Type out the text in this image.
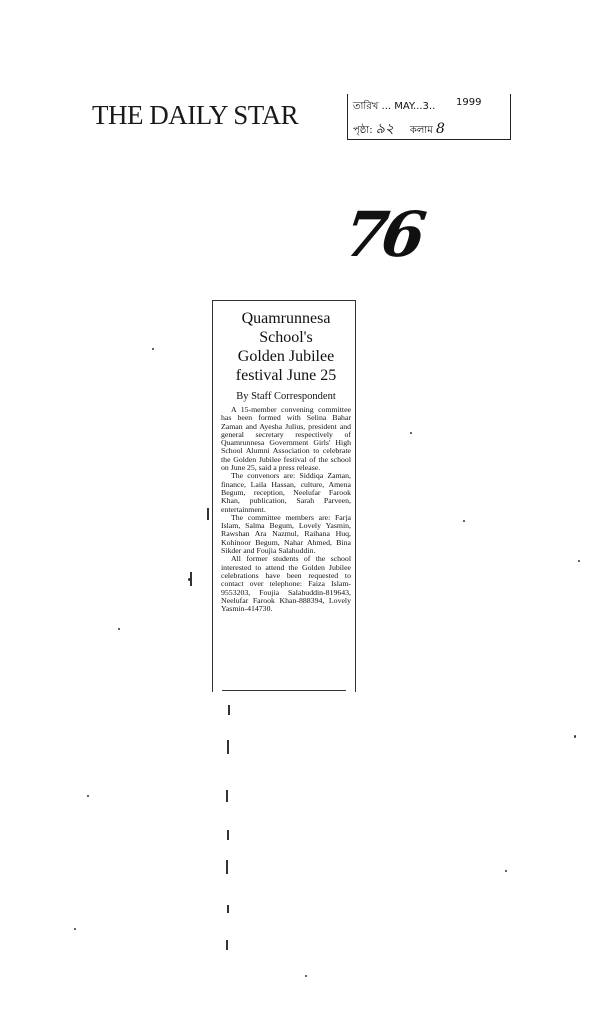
THE DAILY STAR	তারিখ ... MAY...3.. 1999
পৃষ্ঠা: ৯২ কলাম 8
76
Quamrunnesa
School's
Golden Jubilee
festival June 25
By Staff Correspondent

A 15-member convening committee has been formed with Selina Bahar Zaman and Ayesha Julius, president and general secretary respectively of Quamrunnesa Government Girls' High School Alumni Association to celebrate the Golden Jubilee festival of the school on June 25, said a press release.

The convenors are: Siddiqa Zaman, finance, Laila Hassan, culture, Amena Begum, reception, Neelufar Farook Khan, publication, Sarah Parveen, entertainment.

The committee members are: Farja Islam, Salma Begum, Lovely Yasmin, Rawshan Ara Nazmul, Raihana Huq, Kohinoor Begum, Nahar Ahmed, Bina Sikder and Foujia Salahuddin.

All former students of the school interested to attend the Golden Jubilee celebrations have been requested to contact over telephone: Faiza Islam-9553203, Foujia Salahuddin-819643, Neelufar Farook Khan-888394, Lovely Yasmin-414730.
